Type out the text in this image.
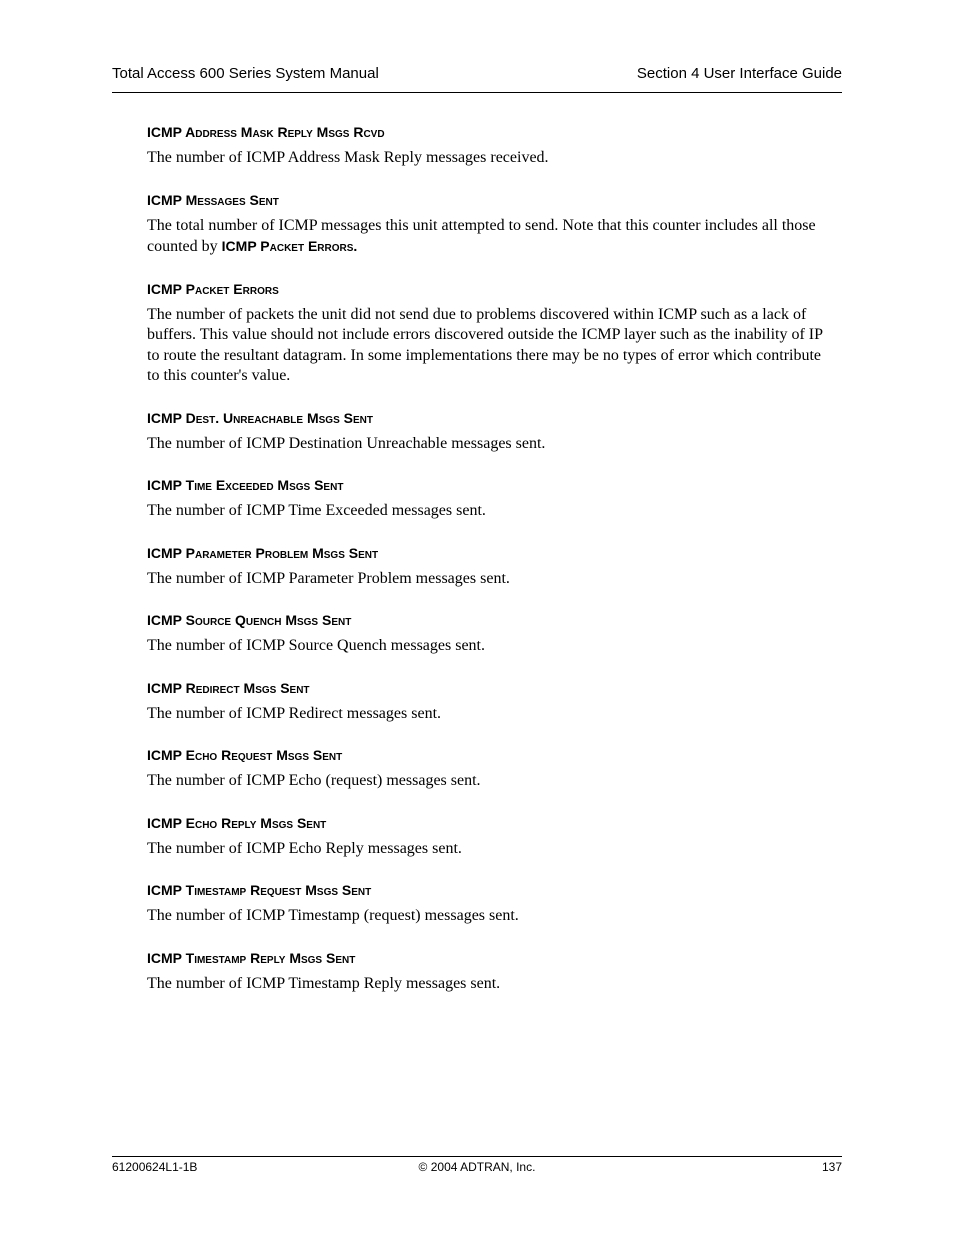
Total Access 600 Series System Manual	Section 4 User Interface Guide
ICMP Address Mask Reply Msgs Rcvd

The number of ICMP Address Mask Reply messages received.

ICMP Messages Sent

The total number of ICMP messages this unit attempted to send. Note that this counter includes all those counted by ICMP Packet Errors.

ICMP Packet Errors

The number of packets the unit did not send due to problems discovered within ICMP such as a lack of buffers. This value should not include errors discovered outside the ICMP layer such as the inability of IP to route the resultant datagram. In some implementations there may be no types of error which contribute to this counter's value.

ICMP Dest. Unreachable Msgs Sent

The number of ICMP Destination Unreachable messages sent.

ICMP Time Exceeded Msgs Sent

The number of ICMP Time Exceeded messages sent.

ICMP Parameter Problem Msgs Sent

The number of ICMP Parameter Problem messages sent.

ICMP Source Quench Msgs Sent

The number of ICMP Source Quench messages sent.

ICMP Redirect Msgs Sent

The number of ICMP Redirect messages sent.

ICMP Echo Request Msgs Sent

The number of ICMP Echo (request) messages sent.

ICMP Echo Reply Msgs Sent

The number of ICMP Echo Reply messages sent.

ICMP Timestamp Request Msgs Sent

The number of ICMP Timestamp (request) messages sent.

ICMP Timestamp Reply Msgs Sent

The number of ICMP Timestamp Reply messages sent.

61200624L1-1B	© 2004 ADTRAN, Inc.	137
